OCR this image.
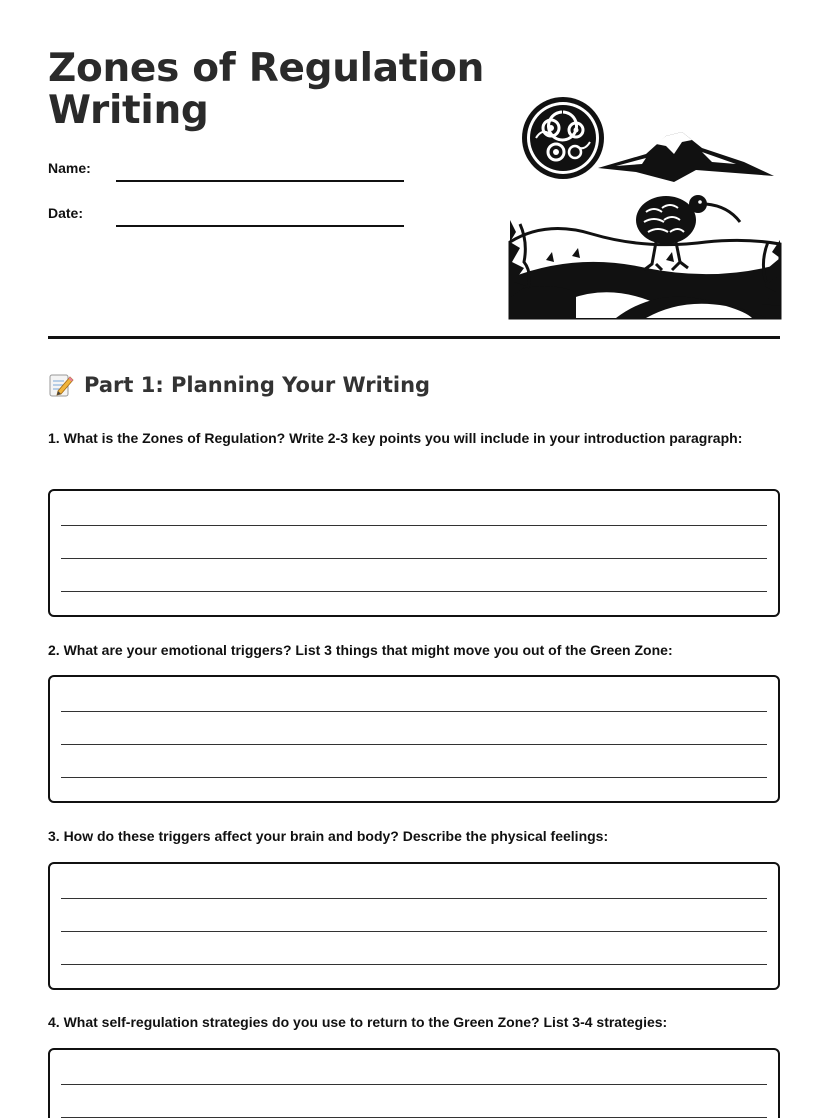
Zones of Regulation Writing
Name:
Date:
Part 1: Planning Your Writing

1. What is the Zones of Regulation? Write 2-3 key points you will include in your introduction paragraph:

2. What are your emotional triggers? List 3 things that might move you out of the Green Zone:

3. How do these triggers affect your brain and body? Describe the physical feelings:

4. What self-regulation strategies do you use to return to the Green Zone? List 3-4 strategies:
